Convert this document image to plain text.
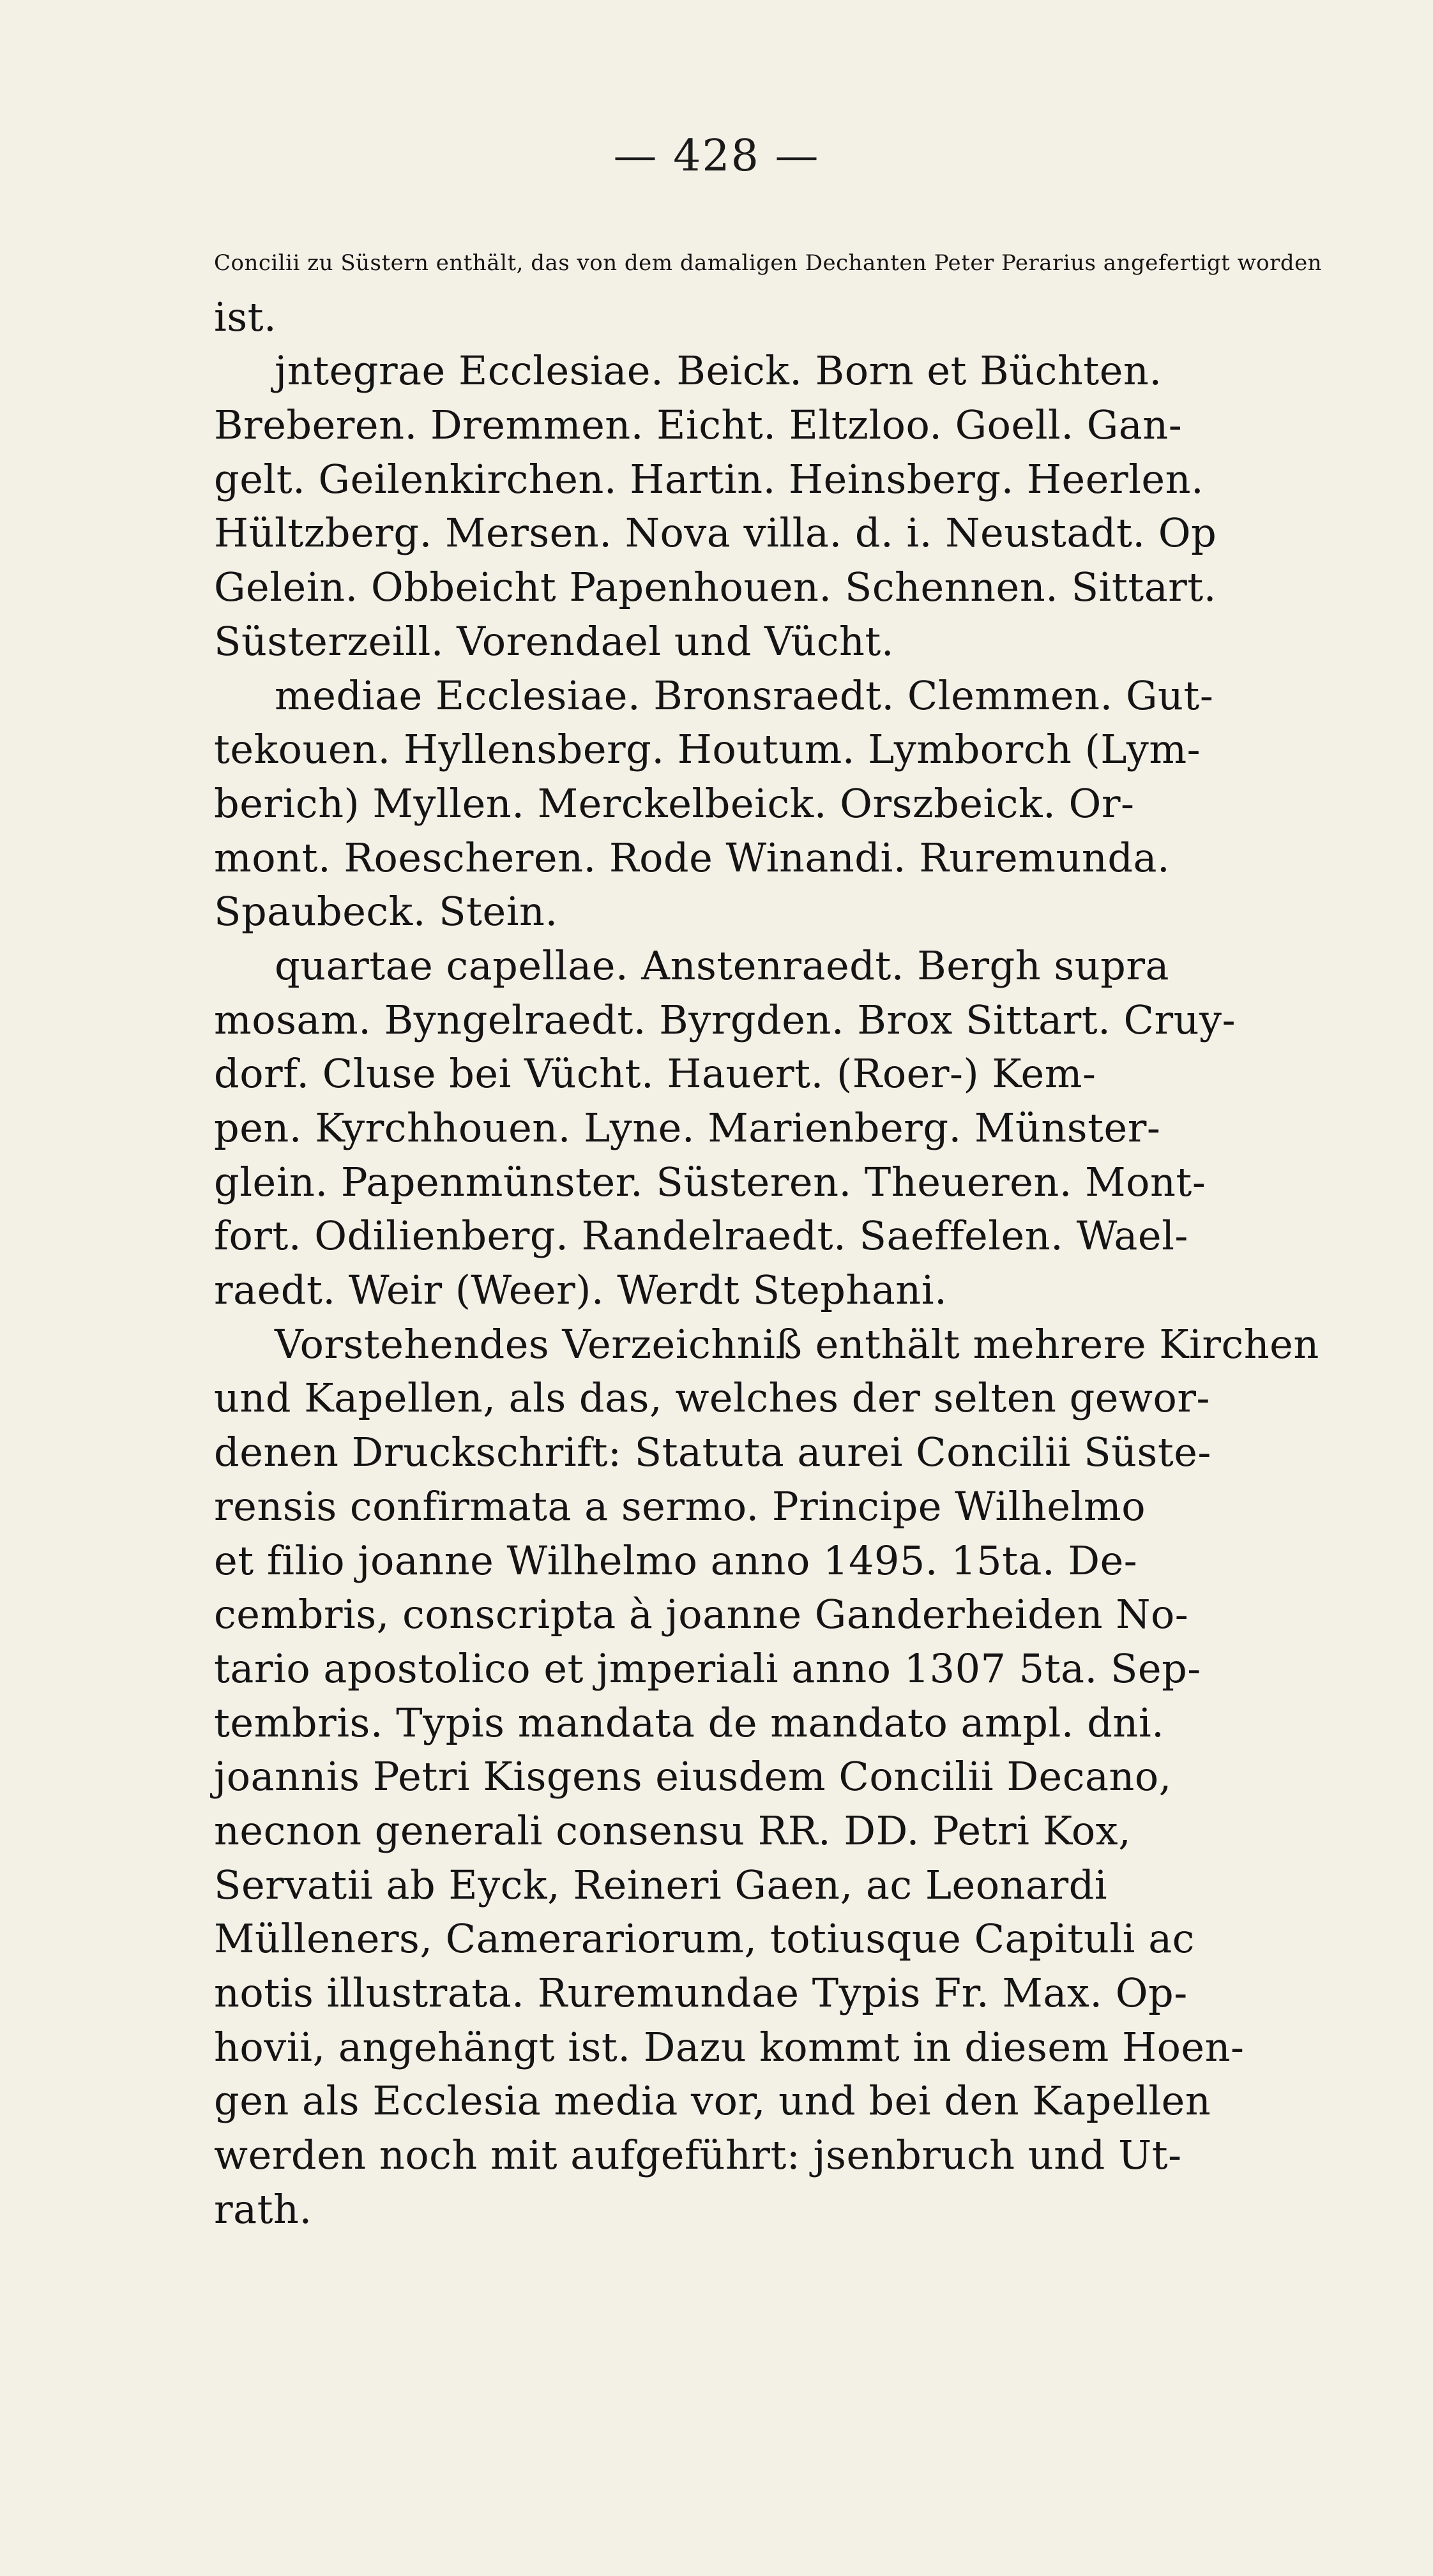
— 428 —
Concilii zu Süstern enthält, das von dem damaligen Dechanten Peter Perarius angefertigt worden
ist.
jntegrae Ecclesiae. Beick. Born et Büchten.
Breberen. Dremmen. Eicht. Eltzloo. Goell. Gan-
gelt. Geilenkirchen. Hartin. Heinsberg. Heerlen.
Hültzberg. Mersen. Nova villa. d. i. Neustadt. Op
Gelein. Obbeicht Papenhouen. Schennen. Sittart.
Süsterzeill. Vorendael und Vücht.
mediae Ecclesiae. Bronsraedt. Clemmen. Gut-
tekouen. Hyllensberg. Houtum. Lymborch (Lym-
berich) Myllen. Merckelbeick. Orszbeick. Or-
mont. Roescheren. Rode Winandi. Ruremunda.
Spaubeck. Stein.
quartae capellae. Anstenraedt. Bergh supra
mosam. Byngelraedt. Byrgden. Brox Sittart. Cruy-
dorf. Cluse bei Vücht. Hauert. (Roer-) Kem-
pen. Kyrchhouen. Lyne. Marienberg. Münster-
glein. Papenmünster. Süsteren. Theueren. Mont-
fort. Odilienberg. Randelraedt. Saeffelen. Wael-
raedt. Weir (Weer). Werdt Stephani.
Vorstehendes Verzeichniß enthält mehrere Kirchen
und Kapellen, als das, welches der selten gewor-
denen Druckschrift: Statuta aurei Concilii Süste-
rensis confirmata a sermo. Principe Wilhelmo
et filio joanne Wilhelmo anno 1495. 15ta. De-
cembris, conscripta à joanne Ganderheiden No-
tario apostolico et jmperiali anno 1307 5ta. Sep-
tembris. Typis mandata de mandato ampl. dni.
joannis Petri Kisgens eiusdem Concilii Decano,
necnon generali consensu RR. DD. Petri Kox,
Servatii ab Eyck, Reineri Gaen, ac Leonardi
Mülleners, Camerariorum, totiusque Capituli ac
notis illustrata. Ruremundae Typis Fr. Max. Op-
hovii, angehängt ist. Dazu kommt in diesem Hoen-
gen als Ecclesia media vor, und bei den Kapellen
werden noch mit aufgeführt: jsenbruch und Ut-
rath.
